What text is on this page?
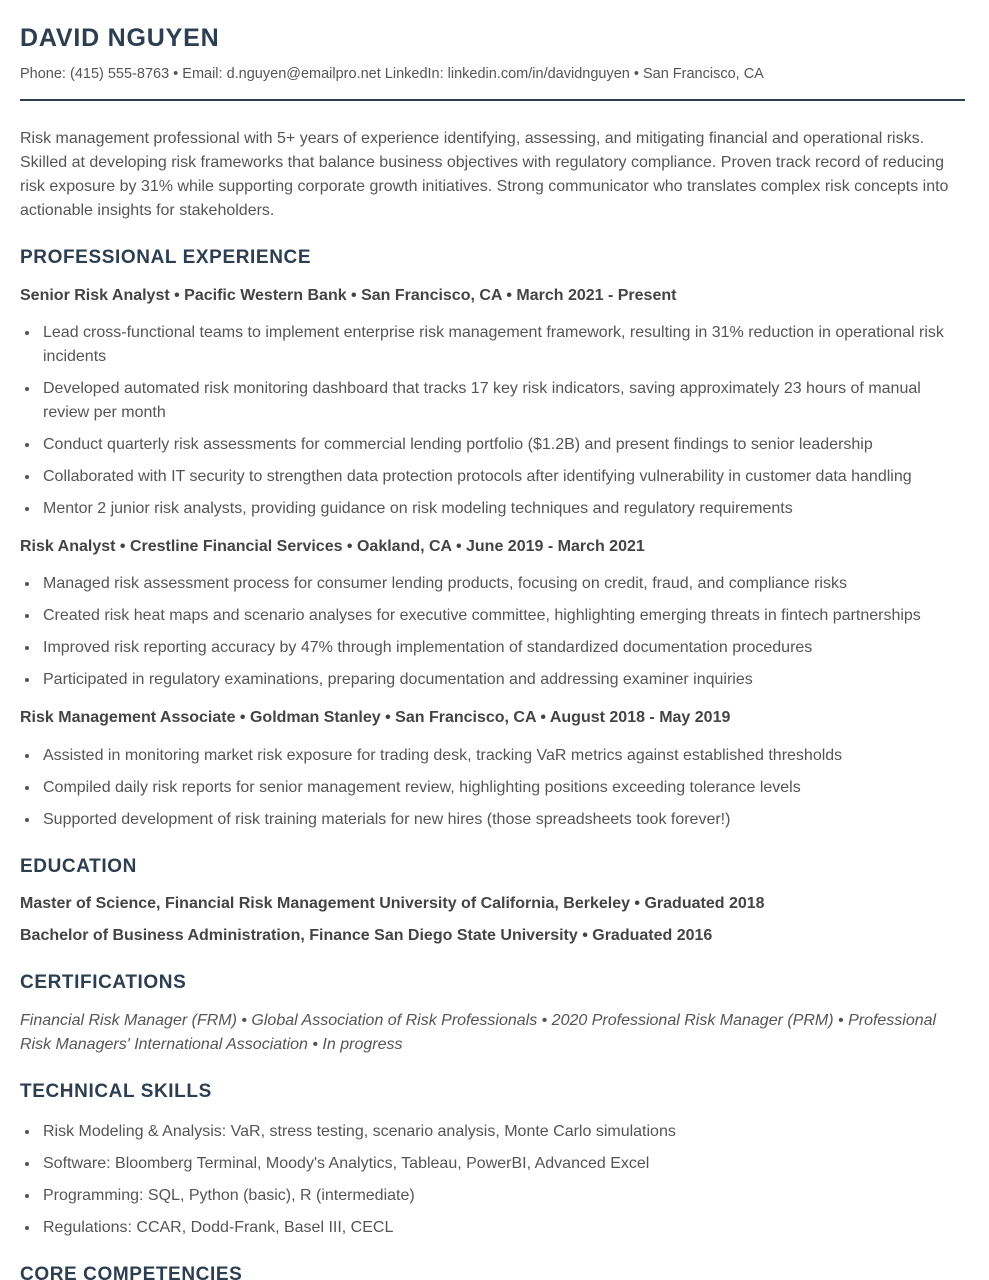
DAVID NGUYEN
Phone: (415) 555-8763 • Email: d.nguyen@emailpro.net LinkedIn: linkedin.com/in/davidnguyen • San Francisco, CA

Risk management professional with 5+ years of experience identifying, assessing, and mitigating financial and operational risks. Skilled at developing risk frameworks that balance business objectives with regulatory compliance. Proven track record of reducing risk exposure by 31% while supporting corporate growth initiatives. Strong communicator who translates complex risk concepts into actionable insights for stakeholders.

PROFESSIONAL EXPERIENCE
Senior Risk Analyst • Pacific Western Bank • San Francisco, CA • March 2021 - Present
• Lead cross-functional teams to implement enterprise risk management framework, resulting in 31% reduction in operational risk incidents
• Developed automated risk monitoring dashboard that tracks 17 key risk indicators, saving approximately 23 hours of manual review per month
• Conduct quarterly risk assessments for commercial lending portfolio ($1.2B) and present findings to senior leadership
• Collaborated with IT security to strengthen data protection protocols after identifying vulnerability in customer data handling
• Mentor 2 junior risk analysts, providing guidance on risk modeling techniques and regulatory requirements
Risk Analyst • Crestline Financial Services • Oakland, CA • June 2019 - March 2021
• Managed risk assessment process for consumer lending products, focusing on credit, fraud, and compliance risks
• Created risk heat maps and scenario analyses for executive committee, highlighting emerging threats in fintech partnerships
• Improved risk reporting accuracy by 47% through implementation of standardized documentation procedures
• Participated in regulatory examinations, preparing documentation and addressing examiner inquiries
Risk Management Associate • Goldman Stanley • San Francisco, CA • August 2018 - May 2019
• Assisted in monitoring market risk exposure for trading desk, tracking VaR metrics against established thresholds
• Compiled daily risk reports for senior management review, highlighting positions exceeding tolerance levels
• Supported development of risk training materials for new hires (those spreadsheets took forever!)
EDUCATION

Master of Science, Financial Risk Management University of California, Berkeley • Graduated 2018

Bachelor of Business Administration, Finance San Diego State University • Graduated 2016

CERTIFICATIONS

Financial Risk Manager (FRM) • Global Association of Risk Professionals • 2020 Professional Risk Manager (PRM) • Professional Risk Managers' International Association • In progress

TECHNICAL SKILLS
• Risk Modeling & Analysis: VaR, stress testing, scenario analysis, Monte Carlo simulations
• Software: Bloomberg Terminal, Moody's Analytics, Tableau, PowerBI, Advanced Excel
• Programming: SQL, Python (basic), R (intermediate)
• Regulations: CCAR, Dodd-Frank, Basel III, CECL
CORE COMPETENCIES
